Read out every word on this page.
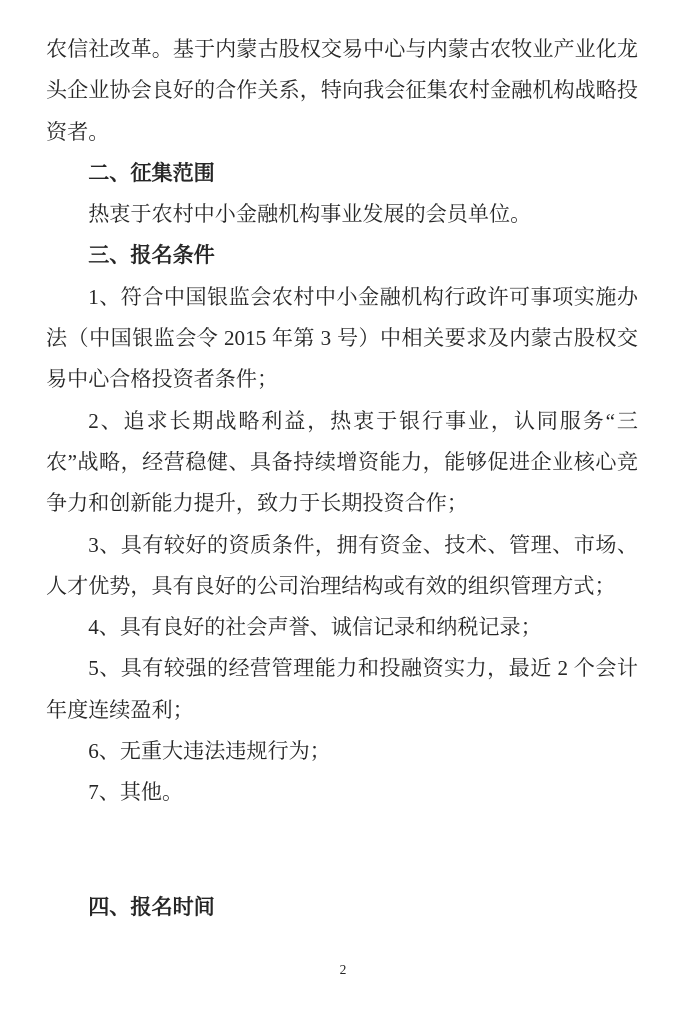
农信社改革。基于内蒙古股权交易中心与内蒙古农牧业产业化龙头企业协会良好的合作关系，特向我会征集农村金融机构战略投资者。

二、征集范围

热衷于农村中小金融机构事业发展的会员单位。

三、报名条件

1、符合中国银监会农村中小金融机构行政许可事项实施办法（中国银监会令 2015 年第 3 号）中相关要求及内蒙古股权交易中心合格投资者条件；

2、追求长期战略利益，热衷于银行事业，认同服务“三农”战略，经营稳健、具备持续增资能力，能够促进企业核心竞争力和创新能力提升，致力于长期投资合作；

3、具有较好的资质条件，拥有资金、技术、管理、市场、人才优势，具有良好的公司治理结构或有效的组织管理方式；

4、具有良好的社会声誉、诚信记录和纳税记录；

5、具有较强的经营管理能力和投融资实力，最近 2 个会计年度连续盈利；

6、无重大违法违规行为；

7、其他。

四、报名时间

2
